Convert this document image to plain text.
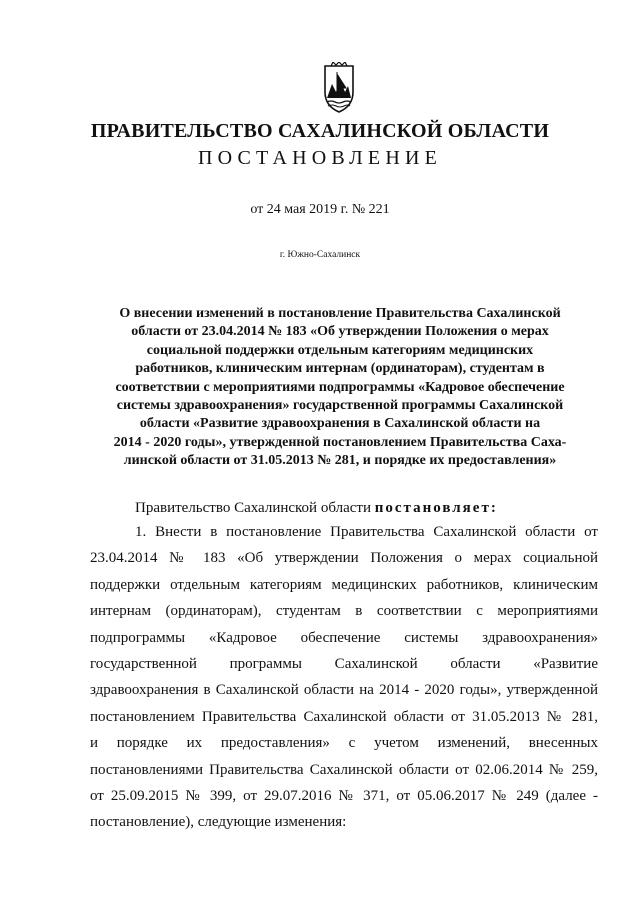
ПРАВИТЕЛЬСТВО САХАЛИНСКОЙ ОБЛАСТИ
ПОСТАНОВЛЕНИЕ
от 24 мая 2019 г. № 221
г. Южно-Сахалинск
О внесении изменений в постановление Правительства Сахалинской
области от 23.04.2014 № 183 «Об утверждении Положения о мерах
социальной поддержки отдельным категориям медицинских
работников, клиническим интернам (ординаторам), студентам в
соответствии с мероприятиями подпрограммы «Кадровое обеспечение
системы здравоохранения» государственной программы Сахалинской
области «Развитие здравоохранения в Сахалинской области на
2014 - 2020 годы», утвержденной постановлением Правительства Саха-
линской области от 31.05.2013 № 281, и порядке их предоставления»
Правительство Сахалинской области постановляет:
1. Внести в постановление Правительства Сахалинской области от
23.04.2014 № 183 «Об утверждении Положения о мерах социальной
поддержки отдельным категориям медицинских работников, клиническим
интернам (ординаторам), студентам в соответствии с мероприятиями
подпрограммы «Кадровое обеспечение системы здравоохранения»
государственной программы Сахалинской области «Развитие
здравоохранения в Сахалинской области на 2014 - 2020 годы», утвержденной
постановлением Правительства Сахалинской области от 31.05.2013 № 281,
и порядке их предоставления» с учетом изменений, внесенных
постановлениями Правительства Сахалинской области от 02.06.2014 № 259,
от 25.09.2015 № 399, от 29.07.2016 № 371, от 05.06.2017 № 249 (далее -
постановление), следующие изменения:
